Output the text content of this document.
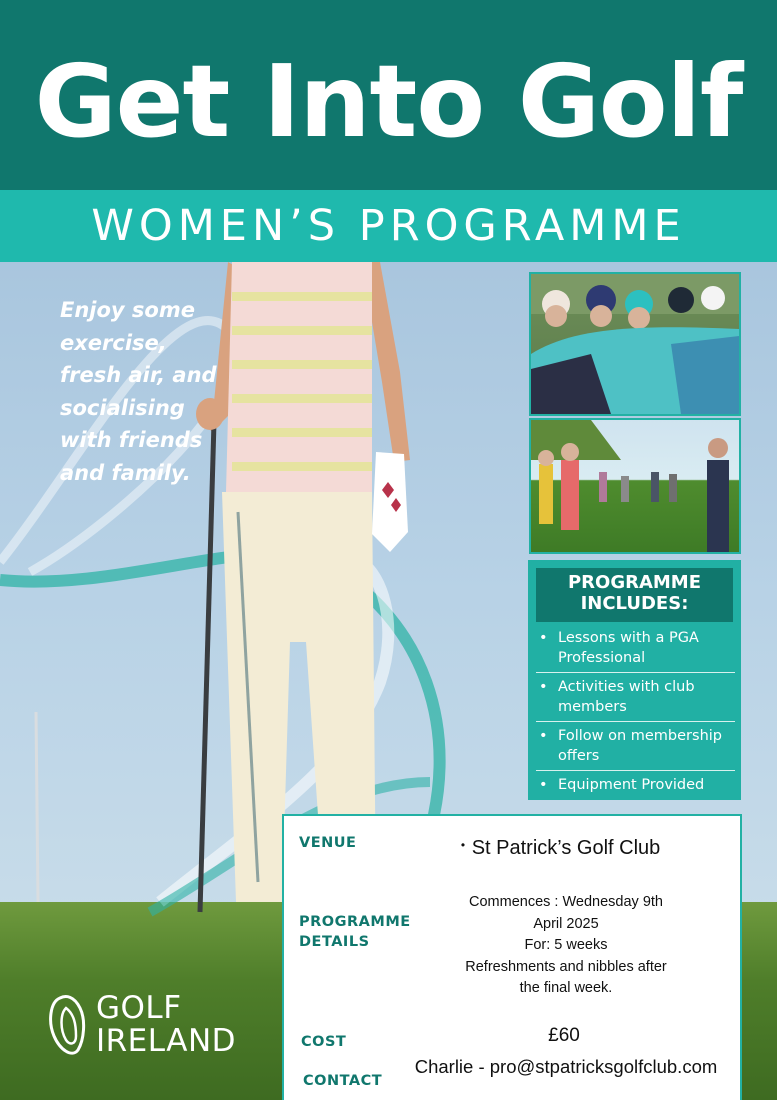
Get Into Golf
WOMEN’S PROGRAMME
Enjoy some
exercise,
fresh air, and
socialising
with friends
and family.
PROGRAMME
INCLUDES:
• Lessons with a PGA Professional
• Activities with club members
• Follow on membership offers
• Equipment Provided
GOLF
IRELAND
VENUE	• St Patrick’s Golf Club
PROGRAMME
DETAILS
Commences : Wednesday 9th
April 2025
For: 5 weeks
Refreshments and nibbles after
the final week.
COST	£60
CONTACT
Charlie - pro@stpatricksgolfclub.com
